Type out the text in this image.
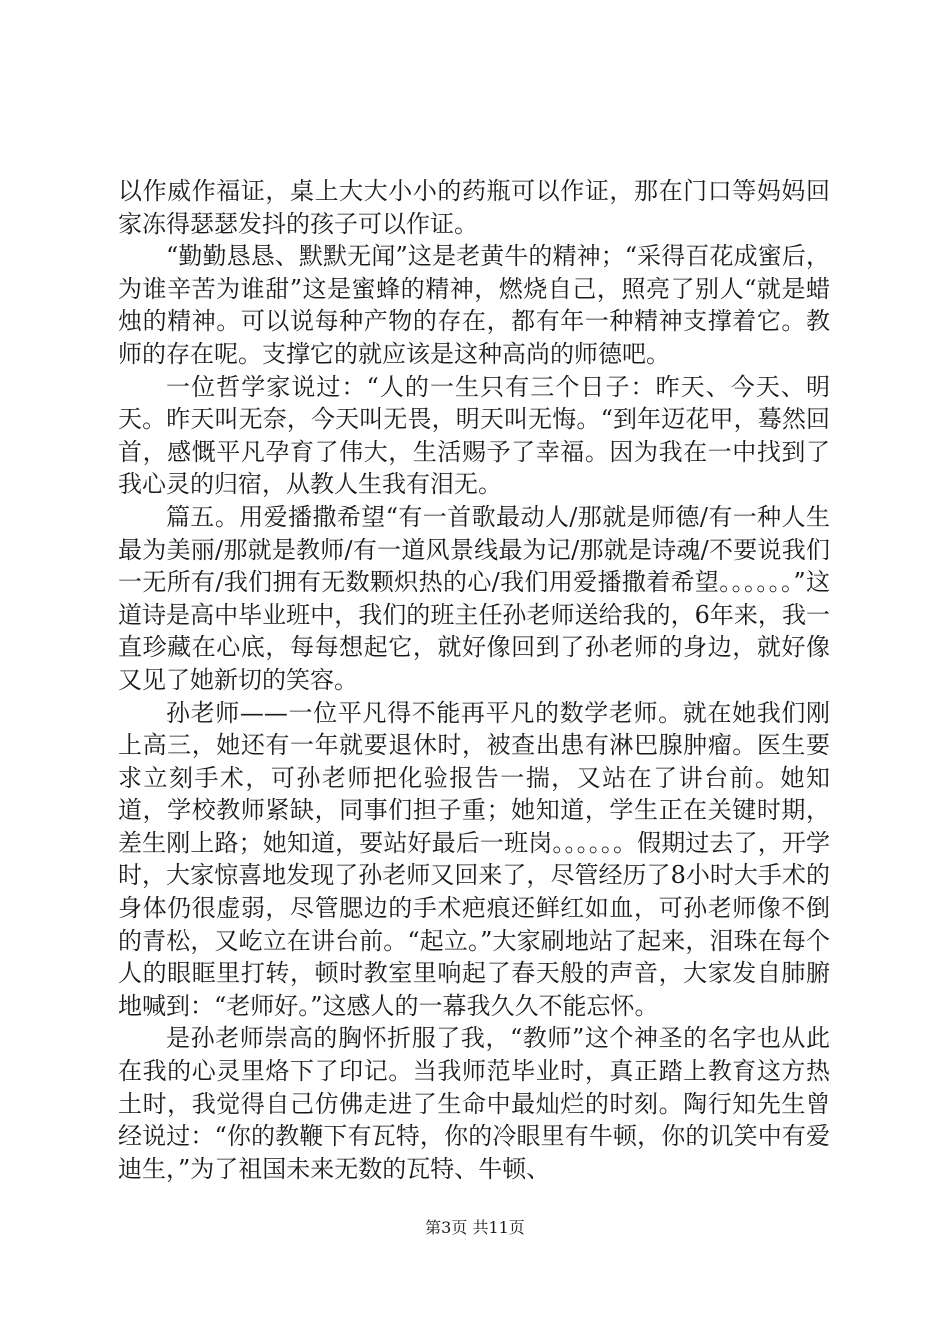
以作威作福证，桌上大大小小的药瓶可以作证，那在门口等妈妈回家冻得瑟瑟发抖的孩子可以作证。

“勤勤恳恳、默默无闻”这是老黄牛的精神；“采得百花成蜜后，为谁辛苦为谁甜”这是蜜蜂的精神，燃烧自己，照亮了别人“就是蜡烛的精神。可以说每种产物的存在，都有年一种精神支撑着它。教师的存在呢。支撑它的就应该是这种高尚的师德吧。

一位哲学家说过：“人的一生只有三个日子：昨天、今天、明天。昨天叫无奈，今天叫无畏，明天叫无悔。“到年迈花甲，蓦然回首，感慨平凡孕育了伟大，生活赐予了幸福。因为我在一中找到了我心灵的归宿，从教人生我有泪无。

篇五。用爱播撒希望“有一首歌最动人/那就是师德/有一种人生最为美丽/那就是教师/有一道风景线最为记/那就是诗魂/不要说我们一无所有/我们拥有无数颗炽热的心/我们用爱播撒着希望。。。。。。”这道诗是高中毕业班中，我们的班主任孙老师送给我的，6年来，我一直珍藏在心底，每每想起它，就好像回到了孙老师的身边，就好像又见了她新切的笑容。

孙老师——一位平凡得不能再平凡的数学老师。就在她我们刚上高三，她还有一年就要退休时，被查出患有淋巴腺肿瘤。医生要求立刻手术，可孙老师把化验报告一揣，又站在了讲台前。她知道，学校教师紧缺，同事们担子重；她知道，学生正在关键时期，差生刚上路；她知道，要站好最后一班岗。。。。。。假期过去了，开学时，大家惊喜地发现了孙老师又回来了，尽管经历了8小时大手术的身体仍很虚弱，尽管腮边的手术疤痕还鲜红如血，可孙老师像不倒的青松，又屹立在讲台前。“起立。”大家刷地站了起来，泪珠在每个人的眼眶里打转，顿时教室里响起了春天般的声音，大家发自肺腑地喊到：“老师好。”这感人的一幕我久久不能忘怀。

是孙老师崇高的胸怀折服了我，“教师”这个神圣的名字也从此在我的心灵里烙下了印记。当我师范毕业时，真正踏上教育这方热土时，我觉得自己仿佛走进了生命中最灿烂的时刻。陶行知先生曾经说过：“你的教鞭下有瓦特，你的冷眼里有牛顿，你的讥笑中有爱迪生，”为了祖国未来无数的瓦特、牛顿、

第3页 共11页
